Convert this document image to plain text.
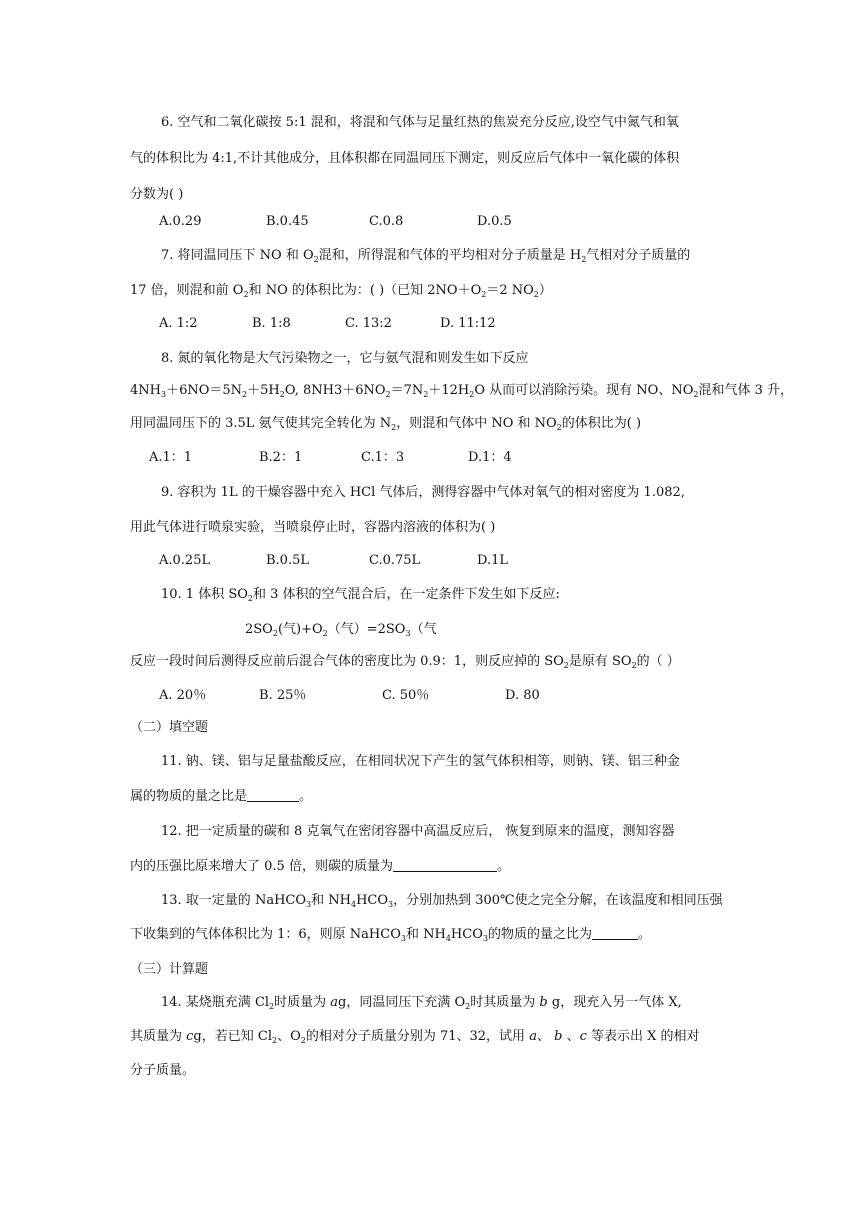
6. 空气和二氧化碳按 5:1 混和，将混和气体与足量红热的焦炭充分反应,设空气中氮气和氧
气的体积比为 4:1,不计其他成分，且体积都在同温同压下测定，则反应后气体中一氧化碳的体积
分数为( )
A.0.29	B.0.45	C.0.8	D.0.5
7. 将同温同压下 NO 和 $O_2$混和，所得混和气体的平均相对分子质量是 $H_2$气相对分子质量的
17 倍，则混和前 $O_2$和 NO 的体积比为：( )（已知 $2NO+O_2=2$ $NO_2$）
A. 1:2	B. 1:8	C. 13:2	D. 11:12
8. 氮的氧化物是大气污染物之一，它与氨气混和则发生如下反应
$4NH_3+6NO=5N_2+5H_2O$, $8NH3+6NO_2=7N_2+12H_2O$ 从而可以消除污染。现有 NO、$NO_2$混和气体 3 升，
用同温同压下的 3.5L 氨气使其完全转化为 $N_2$，则混和气体中 NO 和 $NO_2$的体积比为( )
A.1：1	B.2：1	C.1：3	D.1：4
9. 容积为 1L 的干燥容器中充入 HCl 气体后，测得容器中气体对氧气的相对密度为 1.082,
用此气体进行喷泉实验，当喷泉停止时，容器内溶液的体积为( )
A.0.25L	B.0.5L	C.0.75L	D.1L
10. 1 体积 $SO_2$和 3 体积的空气混合后，在一定条件下发生如下反应:
$2SO_2$(气)$+O_2$（气）$=2SO_3$（气
反应一段时间后测得反应前后混合气体的密度比为 0.9：1，则反应掉的 $SO_2$是原有 $SO_2$的（ ）
A. 20％	B. 25％	C. 50％	D. 80
（二）填空题
11. 钠、镁、铝与足量盐酸反应，在相同状况下产生的氢气体积相等，则钠、镁、铝三种金
属的物质的量之比是	。
12. 把一定质量的碳和 8 克氧气在密闭容器中高温反应后， 恢复到原来的温度，测知容器
内的压强比原来增大了 0.5 倍，则碳的质量为	。
13. 取一定量的 NaHCO$_3$和 $NH_4HCO_3$，分别加热到 300℃使之完全分解，在该温度和相同压强
下收集到的气体体积比为 1：6，则原 NaHCO$_3$和 $NH_4HCO_3$的物质的量之比为	。
（三）计算题
14. 某烧瓶充满 $Cl_2$时质量为 ag，同温同压下充满 $O_2$时其质量为 b g，现充入另一气体 X,
其质量为 cg，若已知 $Cl_2$、$O_2$的相对分子质量分别为 71、32，试用 a、 b 、c 等表示出 X 的相对
分子质量。
